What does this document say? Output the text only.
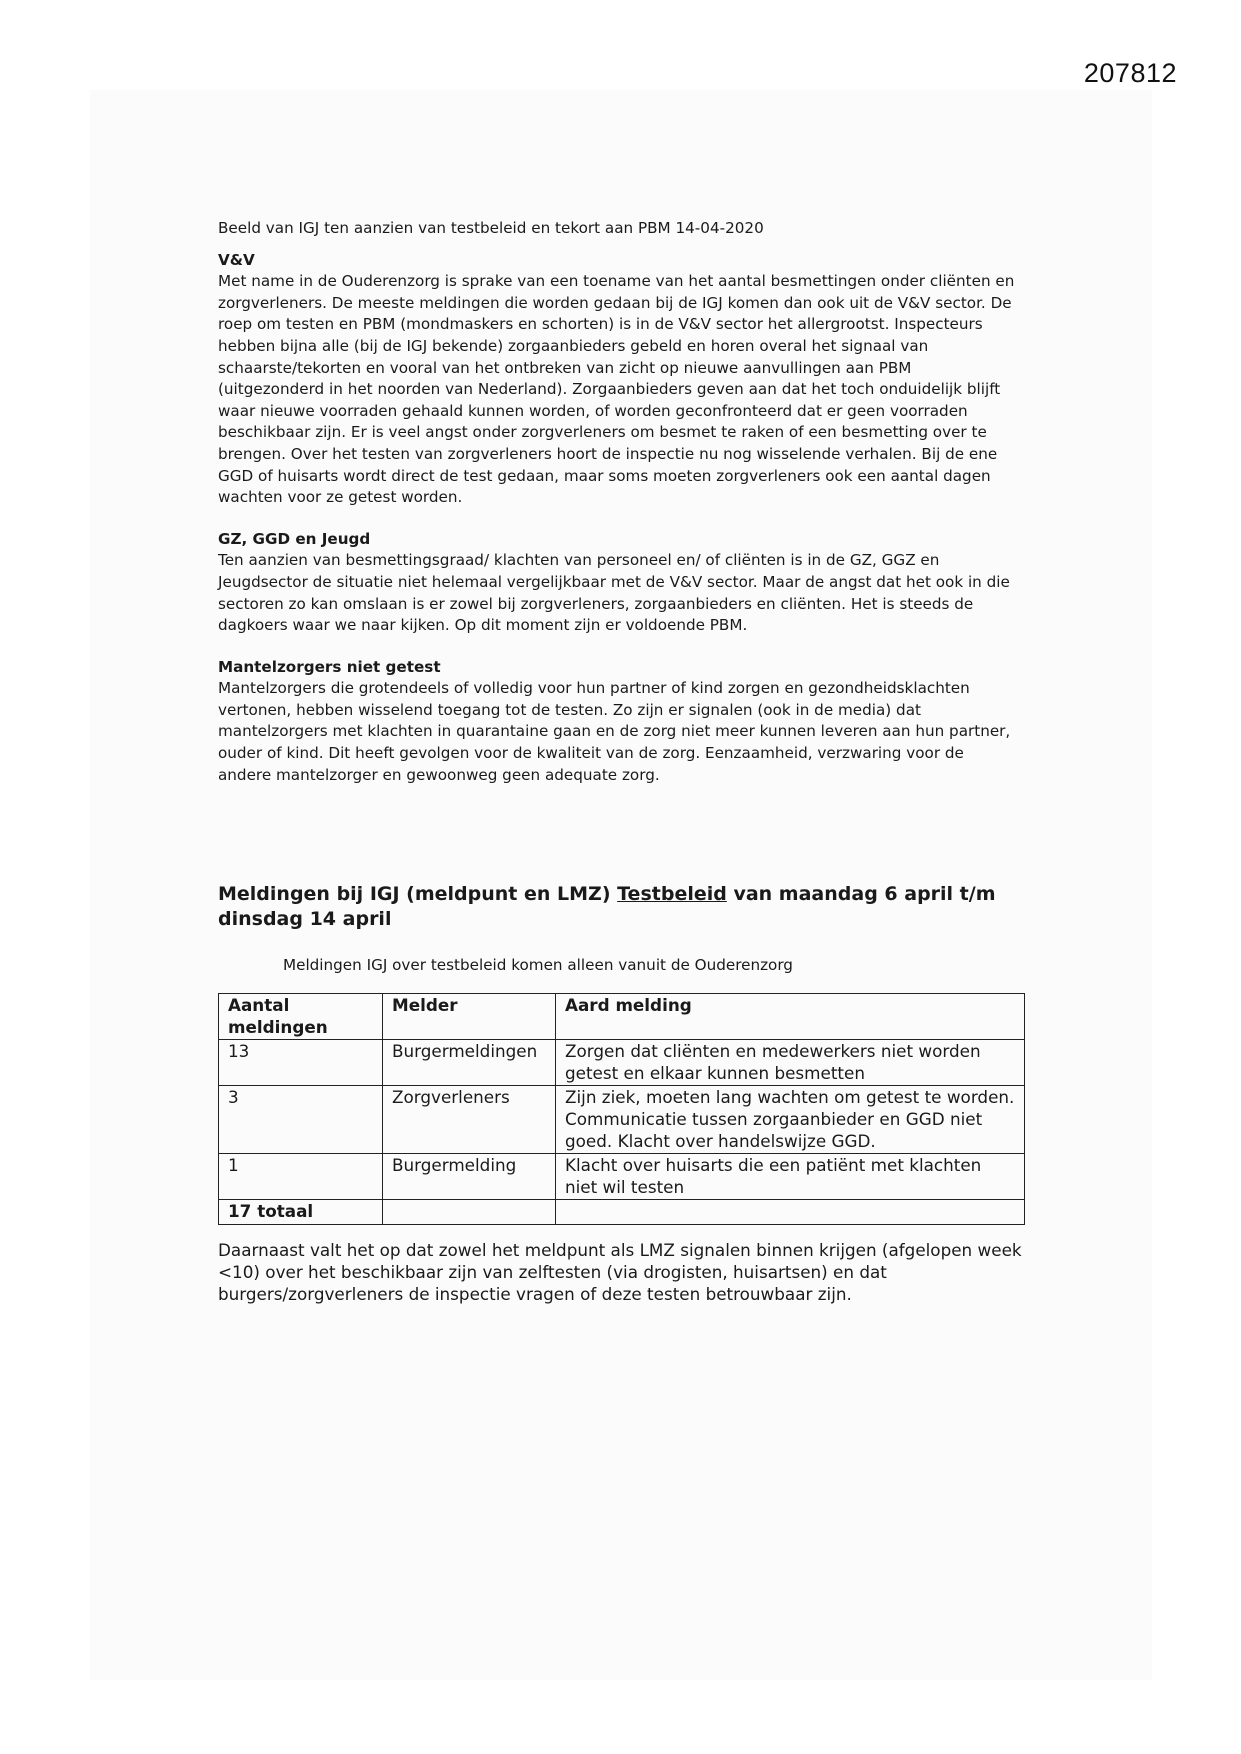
207812

Beeld van IGJ ten aanzien van testbeleid en tekort aan PBM 14-04-2020

V&V

Met name in de Ouderenzorg is sprake van een toename van het aantal besmettingen onder cliënten en zorgverleners. De meeste meldingen die worden gedaan bij de IGJ komen dan ook uit de V&V sector. De roep om testen en PBM (mondmaskers en schorten) is in de V&V sector het allergrootst. Inspecteurs hebben bijna alle (bij de IGJ bekende) zorgaanbieders gebeld en horen overal het signaal van schaarste/tekorten en vooral van het ontbreken van zicht op nieuwe aanvullingen aan PBM (uitgezonderd in het noorden van Nederland). Zorgaanbieders geven aan dat het toch onduidelijk blijft waar nieuwe voorraden gehaald kunnen worden, of worden geconfronteerd dat er geen voorraden beschikbaar zijn. Er is veel angst onder zorgverleners om besmet te raken of een besmetting over te brengen. Over het testen van zorgverleners hoort de inspectie nu nog wisselende verhalen. Bij de ene GGD of huisarts wordt direct de test gedaan, maar soms moeten zorgverleners ook een aantal dagen wachten voor ze getest worden.

GZ, GGD en Jeugd

Ten aanzien van besmettingsgraad/ klachten van personeel en/ of cliënten is in de GZ, GGZ en Jeugdsector de situatie niet helemaal vergelijkbaar met de V&V sector. Maar de angst dat het ook in die sectoren zo kan omslaan is er zowel bij zorgverleners, zorgaanbieders en cliënten. Het is steeds de dagkoers waar we naar kijken. Op dit moment zijn er voldoende PBM.

Mantelzorgers niet getest

Mantelzorgers die grotendeels of volledig voor hun partner of kind zorgen en gezondheidsklachten vertonen, hebben wisselend toegang tot de testen. Zo zijn er signalen (ook in de media) dat mantelzorgers met klachten in quarantaine gaan en de zorg niet meer kunnen leveren aan hun partner, ouder of kind. Dit heeft gevolgen voor de kwaliteit van de zorg. Eenzaamheid, verzwaring voor de andere mantelzorger en gewoonweg geen adequate zorg.

Meldingen bij IGJ (meldpunt en LMZ) Testbeleid van maandag 6 april t/m dinsdag 14 april
Meldingen IGJ over testbeleid komen alleen vanuit de Ouderenzorg
Aantal meldingen	Melder	Aard melding
13	Burgermeldingen	Zorgen dat cliënten en medewerkers niet worden getest en elkaar kunnen besmetten
3	Zorgverleners	Zijn ziek, moeten lang wachten om getest te worden. Communicatie tussen zorgaanbieder en GGD niet goed. Klacht over handelswijze GGD.
1	Burgermelding	Klacht over huisarts die een patiënt met klachten niet wil testen
17 totaal		

Daarnaast valt het op dat zowel het meldpunt als LMZ signalen binnen krijgen (afgelopen week <10) over het beschikbaar zijn van zelftesten (via drogisten, huisartsen) en dat burgers/zorgverleners de inspectie vragen of deze testen betrouwbaar zijn.
